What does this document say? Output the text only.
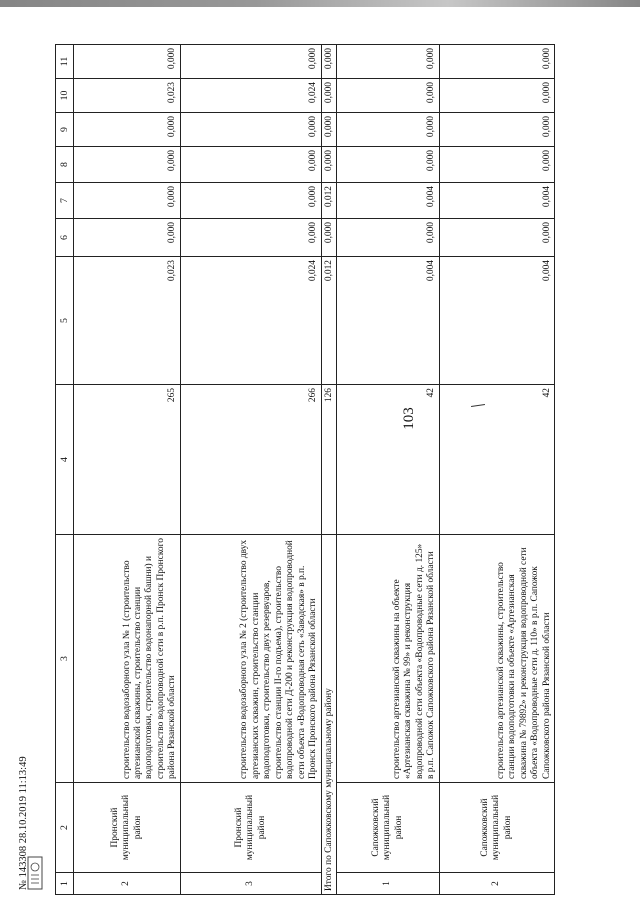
103
1	2	3	4	5	6	7	8	9	10	11
2	Пронский муниципальный район	строительство водозаборного узла № 1 (строительство артезианской скважины, строительство станции водоподготовки, строительство водонапорной башни) и строительство водопроводной сети в р.п. Пронск Пронского района Рязанской области	265	0,023	0,000	0,000	0,000	0,000	0,023	0,000
3	Пронский муниципальный район	строительство водозаборного узла № 2 (строительство двух артезианских скважин, строительство станции водоподготовки, строительство двух резервуаров, строительство станции II-го подъема), строительство водопроводной сети Д-200 и реконструкция водопроводной сети объекта «Водопроводная сеть «Заводская» в р.п. Пронск Пронского района Рязанской области	266	0,024	0,000	0,000	0,000	0,000	0,024	0,000
Итого по Сапожковскому муниципальному району			126	0,012	0,000	0,012	0,000	0,000	0,000	0,000
1	Сапожковский муниципальный район	строительство артезианской скважины на объекте «Артезианская скважина № 99» и реконструкция водопроводной сети объекта «Водопроводные сети д. 125» в р.п. Сапожок Сапожковского района Рязанской области	42	0,004	0,000	0,004	0,000	0,000	0,000	0,000
2	Сапожковский муниципальный район	строительство артезианской скважины, строительство станции водоподготовки на объекте «Артезианская скважина № 79892» и реконструкция водопроводной сети объекта «Водопроводные сети д. 110» в р.п. Сапожок Сапожковского района Рязанской области	42	0,004	0,000	0,004	0,000	0,000	0,000	0,000
№ 143308 28.10.2019 11:13:49
